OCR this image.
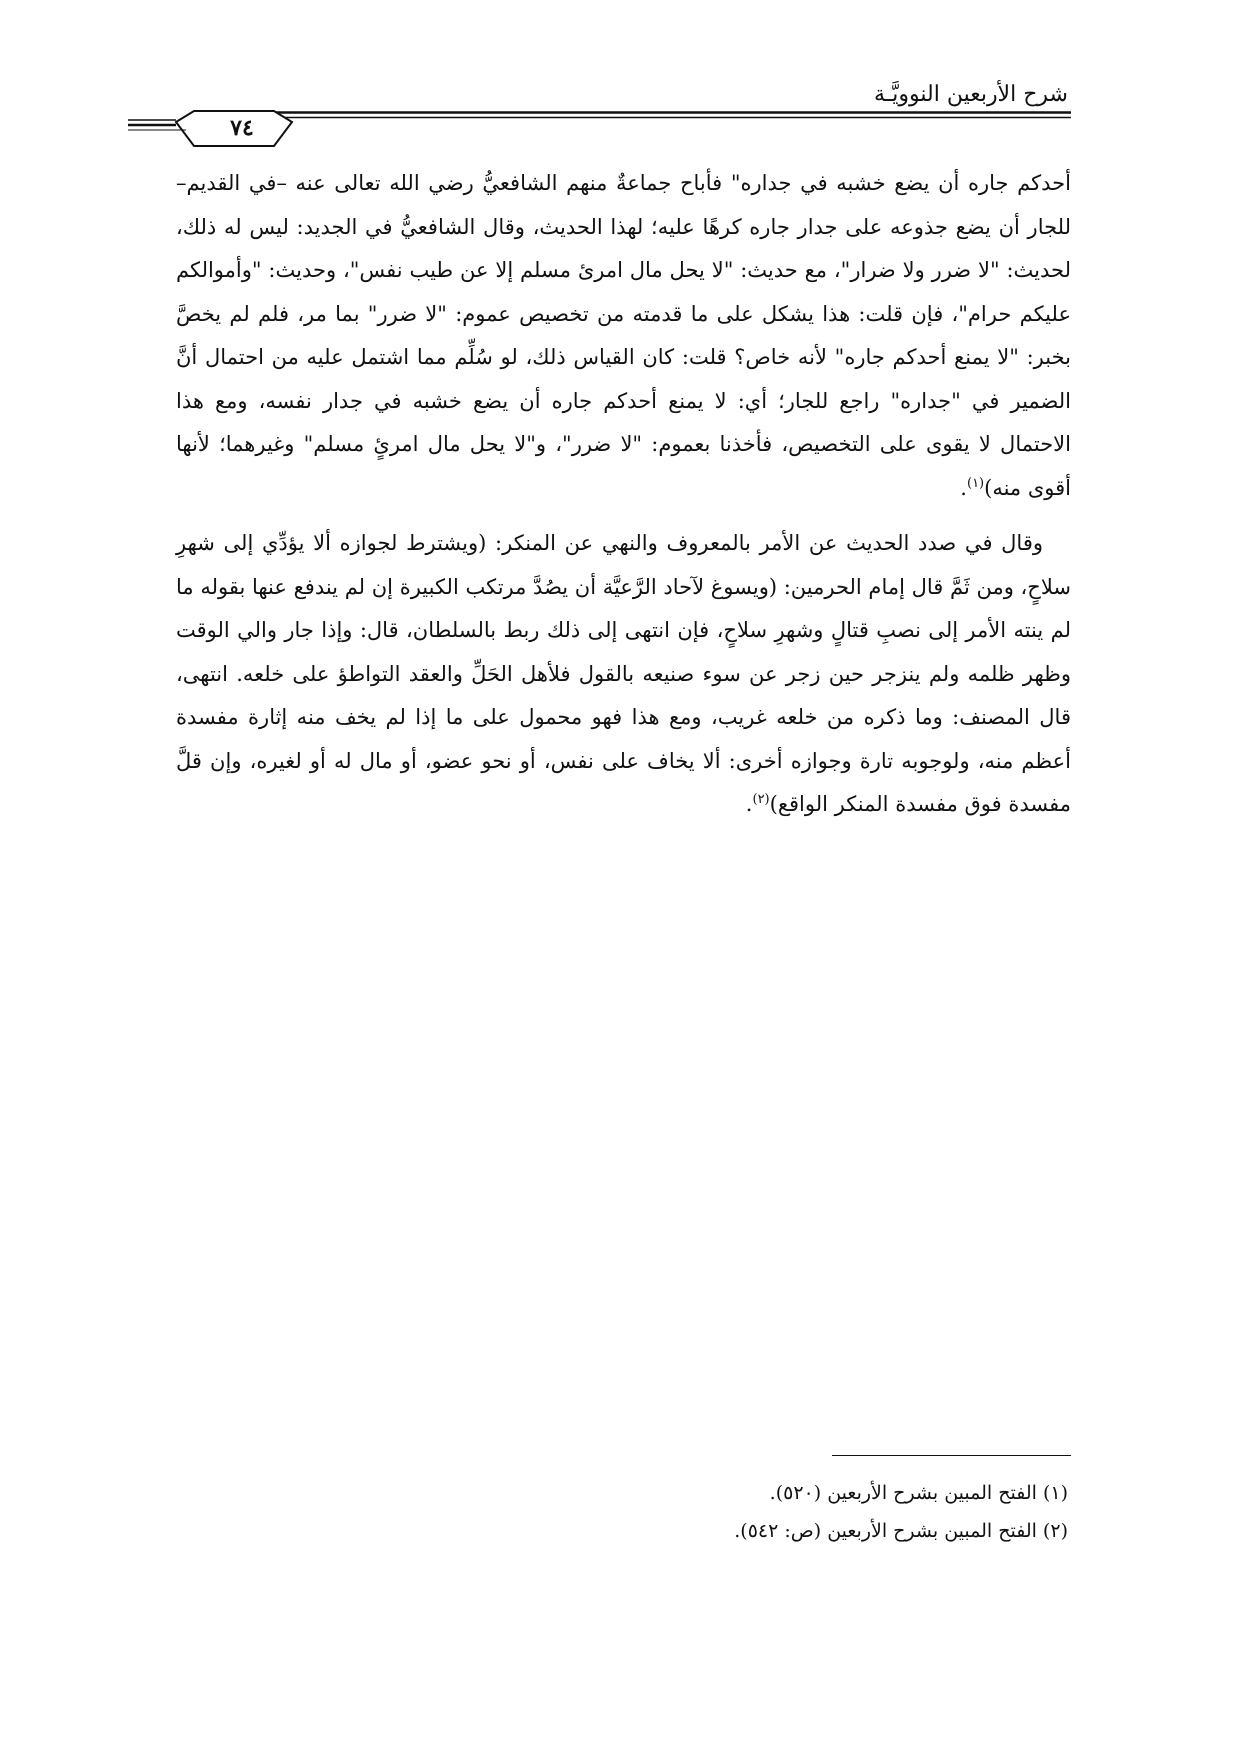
شرح الأربعين النوويَّـة
٧٤

أحدكم جاره أن يضع خشبه في جداره" فأباح جماعةٌ منهم الشافعيُّ رضي الله تعالى عنه –في القديم– للجار أن يضع جذوعه على جدار جاره كرهًا عليه؛ لهذا الحديث، وقال الشافعيُّ في الجديد: ليس له ذلك، لحديث: "لا ضرر ولا ضرار"، مع حديث: "لا يحل مال امرئ مسلم إلا عن طيب نفس"، وحديث: "وأموالكم عليكم حرام"، فإن قلت: هذا يشكل على ما قدمته من تخصيص عموم: "لا ضرر" بما مر، فلم لم يخصَّ بخبر: "لا يمنع أحدكم جاره" لأنه خاص؟ قلت: كان القياس ذلك، لو سُلِّم مما اشتمل عليه من احتمال أنَّ الضمير في "جداره" راجع للجار؛ أي: لا يمنع أحدكم جاره أن يضع خشبه في جدار نفسه، ومع هذا الاحتمال لا يقوى على التخصيص، فأخذنا بعموم: "لا ضرر"، و"لا يحل مال امرئٍ مسلم" وغيرهما؛ لأنها أقوى منه)$^{(١)}$.

وقال في صدد الحديث عن الأمر بالمعروف والنهي عن المنكر: (ويشترط لجوازه ألا يؤدِّي إلى شهرِ سلاحٍ، ومن ثَمَّ قال إمام الحرمين: (ويسوغ لآحاد الرَّعيَّة أن يصُدَّ مرتكب الكبيرة إن لم يندفع عنها بقوله ما لم ينته الأمر إلى نصبِ قتالٍ وشهرِ سلاحٍ، فإن انتهى إلى ذلك ربط بالسلطان، قال: وإذا جار والي الوقت وظهر ظلمه ولم ينزجر حين زجر عن سوء صنيعه بالقول فلأهل الحَلِّ والعقد التواطؤ على خلعه. انتهى، قال المصنف: وما ذكره من خلعه غريب، ومع هذا فهو محمول على ما إذا لم يخف منه إثارة مفسدة أعظم منه، ولوجوبه تارة وجوازه أخرى: ألا يخاف على نفس، أو نحو عضو، أو مال له أو لغيره، وإن قلَّ مفسدة فوق مفسدة المنكر الواقع)$^{(٢)}$.

(١) الفتح المبين بشرح الأربعين (٥٢٠).
(٢) الفتح المبين بشرح الأربعين (ص: ٥٤٢).
